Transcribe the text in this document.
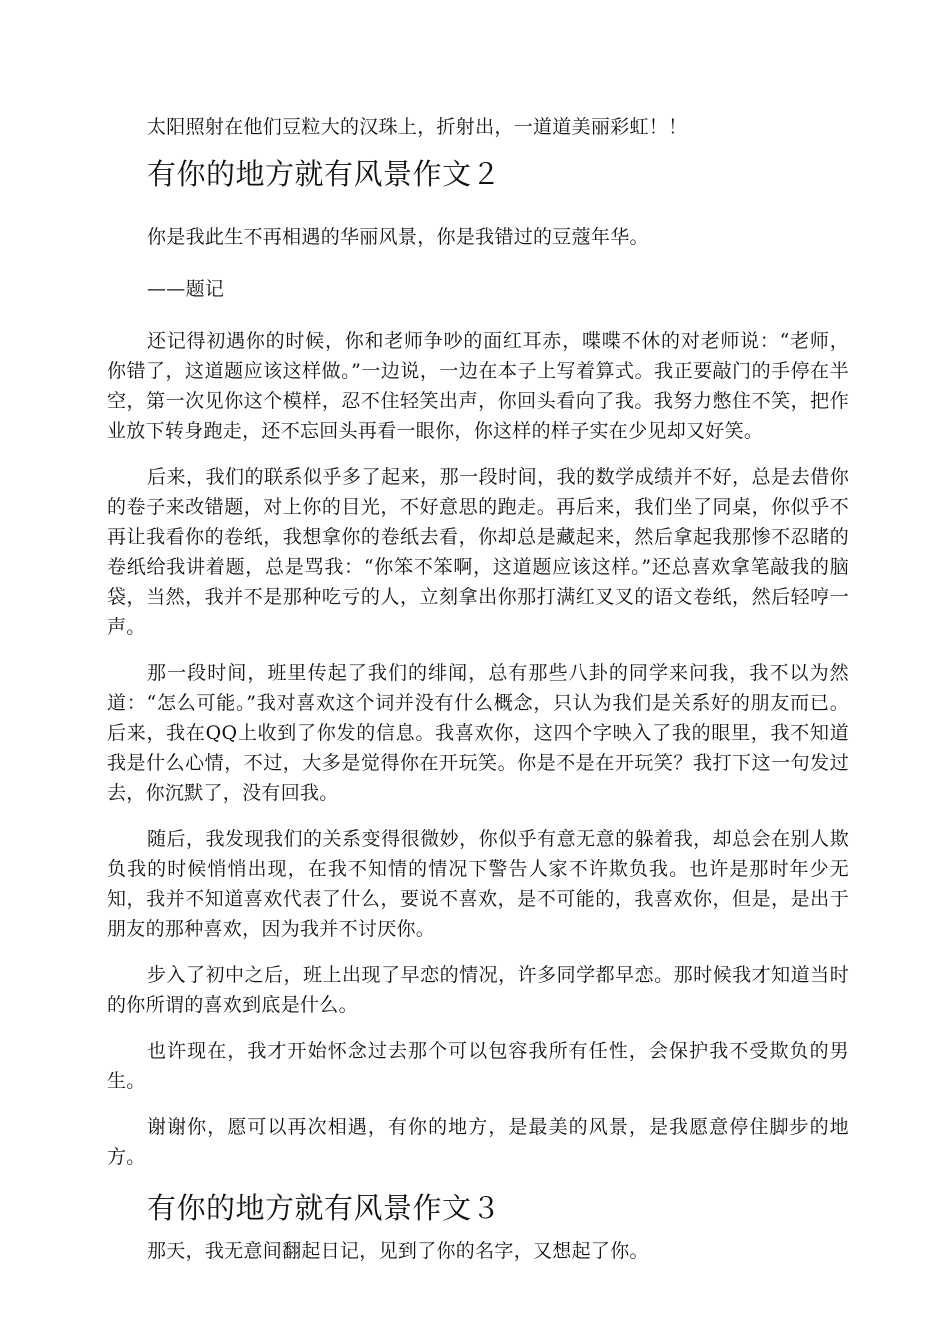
太阳照射在他们豆粒大的汉珠上，折射出，一道道美丽彩虹！！

有你的地方就有风景作文２

你是我此生不再相遇的华丽风景，你是我错过的豆蔻年华。

——题记

还记得初遇你的时候，你和老师争吵的面红耳赤，喋喋不休的对老师说：“老师，你错了，这道题应该这样做。”一边说，一边在本子上写着算式。我正要敲门的手停在半空，第一次见你这个模样，忍不住轻笑出声，你回头看向了我。我努力憋住不笑，把作业放下转身跑走，还不忘回头再看一眼你，你这样的样子实在少见却又好笑。

后来，我们的联系似乎多了起来，那一段时间，我的数学成绩并不好，总是去借你的卷子来改错题，对上你的目光，不好意思的跑走。再后来，我们坐了同桌，你似乎不再让我看你的卷纸，我想拿你的卷纸去看，你却总是藏起来，然后拿起我那惨不忍睹的卷纸给我讲着题，总是骂我：“你笨不笨啊，这道题应该这样。”还总喜欢拿笔敲我的脑袋，当然，我并不是那种吃亏的人，立刻拿出你那打满红叉叉的语文卷纸，然后轻哼一声。

那一段时间，班里传起了我们的绯闻，总有那些八卦的同学来问我，我不以为然道：“怎么可能。”我对喜欢这个词并没有什么概念，只认为我们是关系好的朋友而已。后来，我在QQ上收到了你发的信息。我喜欢你，这四个字映入了我的眼里，我不知道我是什么心情，不过，大多是觉得你在开玩笑。你是不是在开玩笑？我打下这一句发过去，你沉默了，没有回我。

随后，我发现我们的关系变得很微妙，你似乎有意无意的躲着我，却总会在别人欺负我的时候悄悄出现，在我不知情的情况下警告人家不许欺负我。也许是那时年少无知，我并不知道喜欢代表了什么，要说不喜欢，是不可能的，我喜欢你，但是，是出于朋友的那种喜欢，因为我并不讨厌你。

步入了初中之后，班上出现了早恋的情况，许多同学都早恋。那时候我才知道当时的你所谓的喜欢到底是什么。

也许现在，我才开始怀念过去那个可以包容我所有任性，会保护我不受欺负的男生。

谢谢你，愿可以再次相遇，有你的地方，是最美的风景，是我愿意停住脚步的地方。

有你的地方就有风景作文３

那天，我无意间翻起日记，见到了你的名字，又想起了你。
